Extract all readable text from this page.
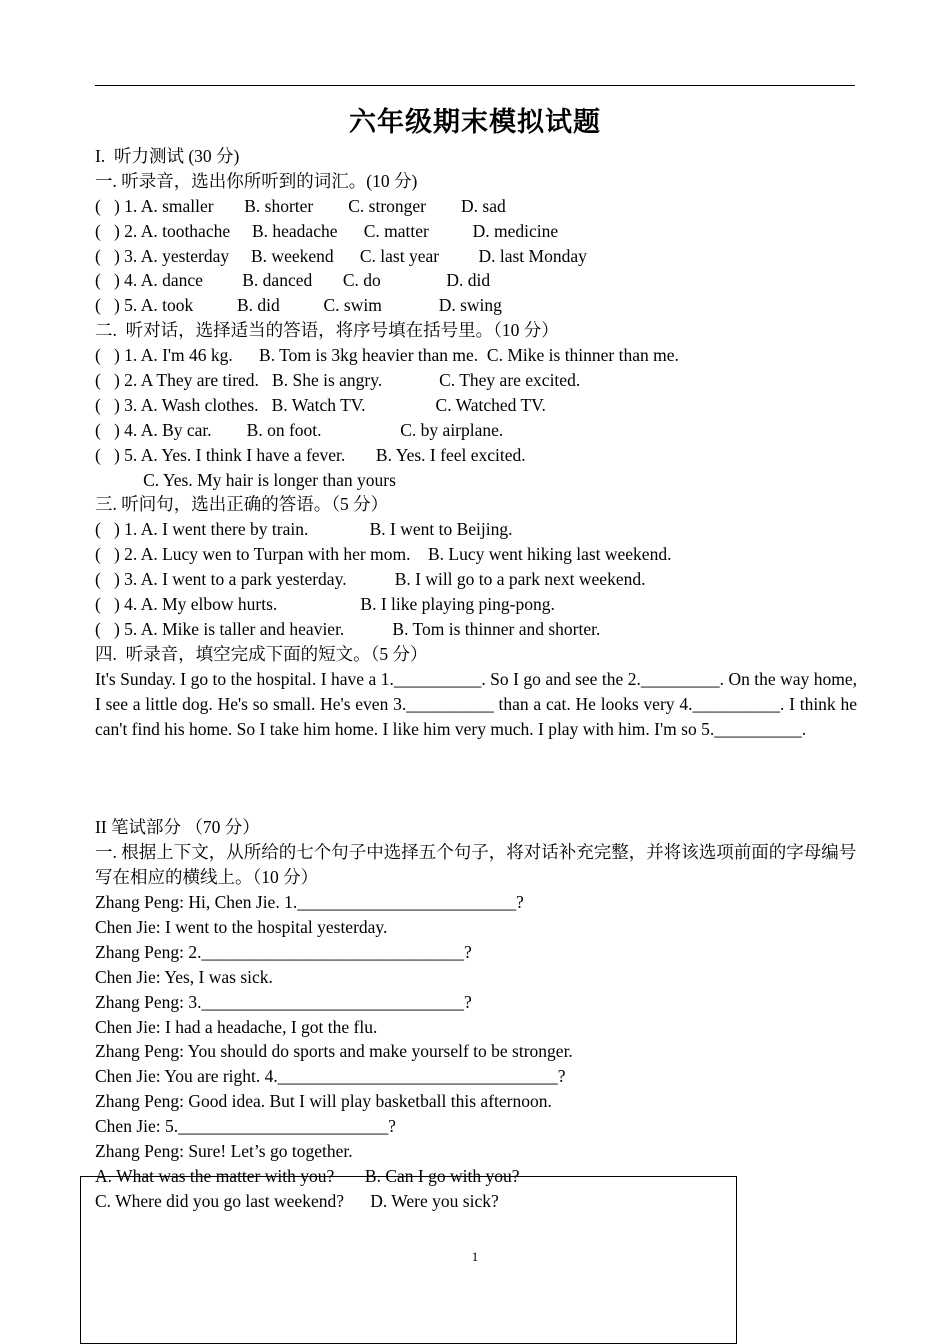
六年级期末模拟试题
I.  听力测试 (30 分)
一. 听录音，选出你所听到的词汇。(10 分)
(   ) 1. A. smaller       B. shorter        C. stronger        D. sad
(   ) 2. A. toothache     B. headache      C. matter          D. medicine
(   ) 3. A. yesterday     B. weekend      C. last year         D. last Monday
(   ) 4. A. dance         B. danced       C. do               D. did
(   ) 5. A. took          B. did          C. swim             D. swing
二.  听对话，选择适当的答语，将序号填在括号里。（10 分）
(   ) 1. A. I'm 46 kg.      B. Tom is 3kg heavier than me.  C. Mike is thinner than me.
(   ) 2. A They are tired.   B. She is angry.             C. They are excited.
(   ) 3. A. Wash clothes.   B. Watch TV.                C. Watched TV.
(   ) 4. A. By car.        B. on foot.                  C. by airplane.
(   ) 5. A. Yes. I think I have a fever.       B. Yes. I feel excited.
C. Yes. My hair is longer than yours
三. 听问句，选出正确的答语。（5 分）
(   ) 1. A. I went there by train.              B. I went to Beijing.
(   ) 2. A. Lucy wen to Turpan with her mom.    B. Lucy went hiking last weekend.
(   ) 3. A. I went to a park yesterday.           B. I will go to a park next weekend.
(   ) 4. A. My elbow hurts.                   B. I like playing ping-pong.
(   ) 5. A. Mike is taller and heavier.           B. Tom is thinner and shorter.
四.  听录音，填空完成下面的短文。（5 分）
It's Sunday. I go to the hospital. I have a 1.__________. So I go and see the 2._________. On the way home, I see a little dog. He's so small. He's even 3.__________ than a cat. He looks very 4.__________. I think he can't find his home. So I take him home. I like him very much. I play with him. I'm so 5.__________.
II 笔试部分 （70 分）
一. 根据上下文，从所给的七个句子中选择五个句子，将对话补充完整，并将该选项前面的字母编号写在相应的横线上。（10 分）
Zhang Peng: Hi, Chen Jie. 1._________________________?
Chen Jie: I went to the hospital yesterday.
Zhang Peng: 2.______________________________?
Chen Jie: Yes, I was sick.
Zhang Peng: 3.______________________________?
Chen Jie: I had a headache, I got the flu.
Zhang Peng: You should do sports and make yourself to be stronger.
Chen Jie: You are right. 4.________________________________?
Zhang Peng: Good idea. But I will play basketball this afternoon.
Chen Jie: 5.________________________?
Zhang Peng: Sure! Let’s go together.
A. What was the matter with you?       B. Can I go with you?
C. Where did you go last weekend?      D. Were you sick?
1
